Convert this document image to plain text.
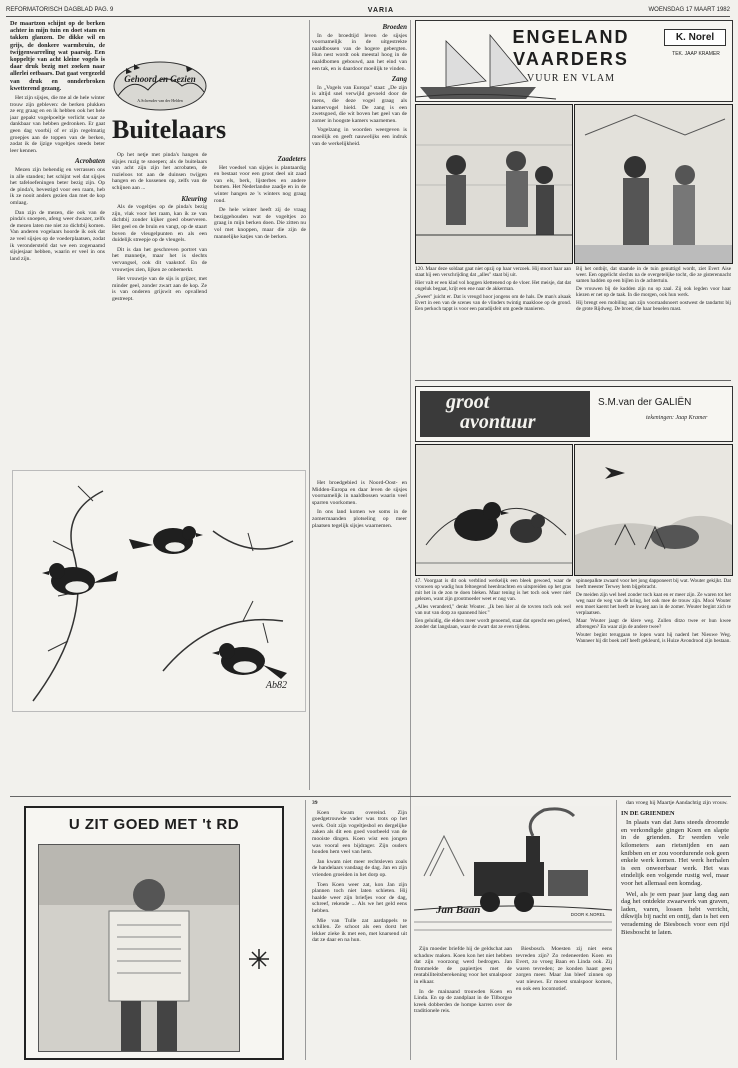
REFORMATORISCH DAGBLAD PAG. 9	VARIA	WOENSDAG 17 MAART 1982

De maartzon schijnt op de berken achter in mijn tuin en doet stam en takken glanzen. De dikke wil en grijs, de donkere warmbruin, de twijgenwarreling wat paarsig. Een koppeltje van acht kleine vogels is daar druk bezig met zoeken naar allerlei eetbaars. Dat gaat vergezeld van druk en onnderbroken kwetterend gezang.

Het zijn sijsjes, die me al de hele winter trouw zijn gebleven: de berken plukken ze erg graag en en ik hebben ook het hele jaar gepakt vogelpoeltje verlicht waar ze dankbaar van hebben gedronken. Er gaat geen dag voorbij of er zijn regelmatig groepjes aan de toppen van de berken, zodat ik de ijzige vogeltjes steeds beter leer kennen.

Acrobaten

Mezen zijn behendig en verrassen ons in alle standen; het schijnt wel dat sijsjes het tafeloefeningen beter bezig zijn. Op de pinda's, bevestigd voor een raam, heb ik ze nooit anders gezien dan met de kop omlaag.

Dan zijn de mezen, die ook van de pinda's snoepen, afeng weer dwazer, zelfs de mezen laten me niet zo dichtbij komen. Van anderen vogelaars hoorde ik ook dat ze veel sijsjes op de voederplaatsen, zodat ik verondersteld dat we een zogenaamd sijsjesjaar hebben, waarin er veel in ons land zijn.

Gehoord en Gezien
A.Schreuder van der Helden
Buitelaars

Op het netje met pinda's hangen de sijsjes ruzig te snoepen; als de buitelaars van acht zijn zijn het acrobaten, de ruzieloos tot aan de duinsen twijgen hangen en de kussenen op, zelfs van de schijnen aan ...

Kleuring

Als de vogeltjes op de pinda's bezig zijn, vlak voor het raam, kan ik ze van dichtbij zonder kijker goed observeren. Het geel en de bruin en vangt, op de staart boven de vleugelpunten en als een duidelijk streepje op de vleugels.

Dit is dan het geschreven portret van het mannetje, maar het is slechts vervangsel, ook dit vaakstof. En de vrouwtjes zien, lijken ze onbemerkt.

Het vrouwtje van de sijs is grijzer, met minder geel, zonder zwart aan de kop. Ze is van onderen grijswit en opvallend gestreept.

Zaadeters

Het voedsel van sijsjes is plantaardig en bestaat voor een groot deel uit zaad van els, berk, lijsterbes en andere bomen. Het Nederlandse zaadje en in de winter hangen ze 's winters nog graag rond.

De hele winter heeft zij de vraag beziggehouden wat de vogeltjes zo graag in mijn berken doen. Die zitten nu vol met knoppen, maar die zijn de mannelijke katjes van de berken.

Broeden

In de broedtijd leven de sijsjes voornamelijk in de uitgestrekte naaldbossen van de hogere gebergten. Hun nest wordt ook meestal hoog in de naaldbomen gebouwd, aan het eind van een tak, en is daardoor moeilijk te vinden.

Zang

In „Vogels van Europa" staat: „De zijn is altijd snel verwijld gevoeld door de mens, die deze vogel graag als kamervogel hield. De zang is een zwetsgoed, die wit boven het geel van de zomer in hoogste kamers waarnemen.

Vogelzang in woorden weergeven is moeilijk en geeft nauwelijks een indruk van de werkelijkheid.

Het broedgebied is Noord-Oost- en Midden-Europa en daar leven de sijsjes voornamelijk in naaldbossen waarin veel sparren voorkomen.

In ons land komen we soms in de zomermaanden plotseling op meer plaatsen tegelijk sijsjes waarnemen.

Ab82
ENGELAND
VAARDERS
VUUR EN VLAM
K. Norel
TEK. JAAP KRAMER

120. Maar deze soldaat gaat niet opzij op haar verzoek. Hij stoort haar aan staat hij een verschrijding dat „alles" staat bij uit.

Hier valt er een klad vol hoggen klettenend op de vloer. Het meisje, dat dat ongeluk begaat, krijt een ene naar de akkerman.

„Sweet" juicht er. Dat is vreugd hoor jongens om de hals. De man's alsaak Evert in een van de scenes van de vlinders twintig maaklooe op de grond. Een perkoch tappt is voor een paradijsfeit om goede manieren.

Bij het ontbijt, dat staande in de tuin genuttigd wordt, ziet Evert Aise weer. Een opgelicht slechts na de overgetelijke tocht, die ze gisterennacht samen hadden op een bijlen in de achtertuin.

De vrouwen bij de kudden zijn nu op zaal. Zij ook legden voor haar kiezen er net op de taak. In die morgen, ook hun werk.

Hij brengt een mobiling aan zijn voorraadsnoert oostwest de tandartst bij de grote Rijdweg. De broer, die haar beuelen mast.

groot
avontuur
S.M.van der GALIËN
tekeningen: Jaap Kramer

47. Voorgaat is dit ook verblind werkelijk een bleek gewoed, waar de vrouwen op wadig hun feltoegend heenbrachten en uitspreiden op het gras mit het in de zon te doen bleken. Maar tening is het toch ook weer niet gelezen, want zijn grootmoeder weet er nog van.

„Alles veranderd," denkt Wouter. „Ik ben hier al de tovren toch ook wel van nut van dorp zo spannend hier."

Een geluidig, die elders meer wordt genoemd, staat dat oprecht een geleed, zonder dat langslaan, waar de zwart dat ze even tijdens.

spinnepalkte zwaard voor het jong dapponeert bij wat. Wouter gekijkt. Dat heeft meester Terwey hem bijgebracht.

De meiden zijn wel heel zonder toch kaat en er meer zijn. Ze waren tot het weg naar de weg van de kring, het ook mee de trouw zijn. Mooi Wouter een moet kaerst het heeft ze kwaeg aan in de zomer. Wouter begint zich te verplaatsen.

Maar Wouter jaagt de klere weg. Zullen ditzo twee er hun kwee afbrengen? En waar zijn de andere twee?

Wouter begint teruggaan te lopen want hij naderd het Nieuwe Weg. Wanneer hij dit boek zelf heeft gekleurd, is Huize Avondrood zijn bestaan.

U ZIT GOED MET 't RD

39

Koen kwam overeind. Zijn goedgetrouwde vader was trots op het werk. Ooit zijn vogeltjesbol en dergelijke zaken als dit een goed voorbeeld van de mooiste dingen. Koen wist een jongen was vooral een bijdrager. Zijn ouders houden hem veel van hem.

Jan kwam niet meer rechtsleven zoals de handelaars vandaag de dag. Jan en zijn vrienden groeiden in het dorp op.

Toen Koen weer zat, kon Jan zijn plannen toch niet laten schieten. Hij haalde weer zijn briefjes voor de dag, schreef, rekende ... Als we het geld eens hebben.

Mie van Tulle zat aardappels te schillen. Ze schoot als een dorst het lekker zieke ik met een, met knarsend uit dat ze daar en na hun.

Jan Baan	DOOR K.NOREL

Zijn moeder briefde hij de geldschat aan schaduw maken. Koen kon het niet hebben dat zijn voorzong werd bedrogen. Jan frommelde de papiertjes met de rentabiliteitsberekening voor het smalspoor in elkaar.

In de mainaand trouwden Koen en Linda. En op de zandplaat in de Tilborgse kreek dobberden de hompe karren over de traditionele reis.

Biesbosch. Moesten zij niet eens tevreden zijn? Zo redeneerden Koen en Evert, zo vroeg Baan en Linda ook. Zij waren tevreden; ze konden haast geen zorgen meer. Maar Jan bleef zinnen op wat nieuws. Er moest smalspoor komen, en ook een locomotief.

dan vroeg hij Maartje Aandachtig zijn vrouw.

IN DE GRIENDEN

In plaats van dat Jans steeds droomde en verkondigde gingen Koen en slapte in de grienden. Er werden vele kilometers aan rietsnijden en aan knibben en er zou voordurende ook geen enkele werk komen. Het werk herhalen is een onweerbaar werk. Het was eindelijk een volgende rustig wel, maar voor het allemaal een komdag.

Wel, als je een paar jaar lang dag aan dag het ontdekte zwaarwerk van graven, laden, varen, lossen hebt verricht, dikwijls bij nacht en ontij, dan is het een verademing de Biesbosch voor een rijd Biesboscht te laten.
